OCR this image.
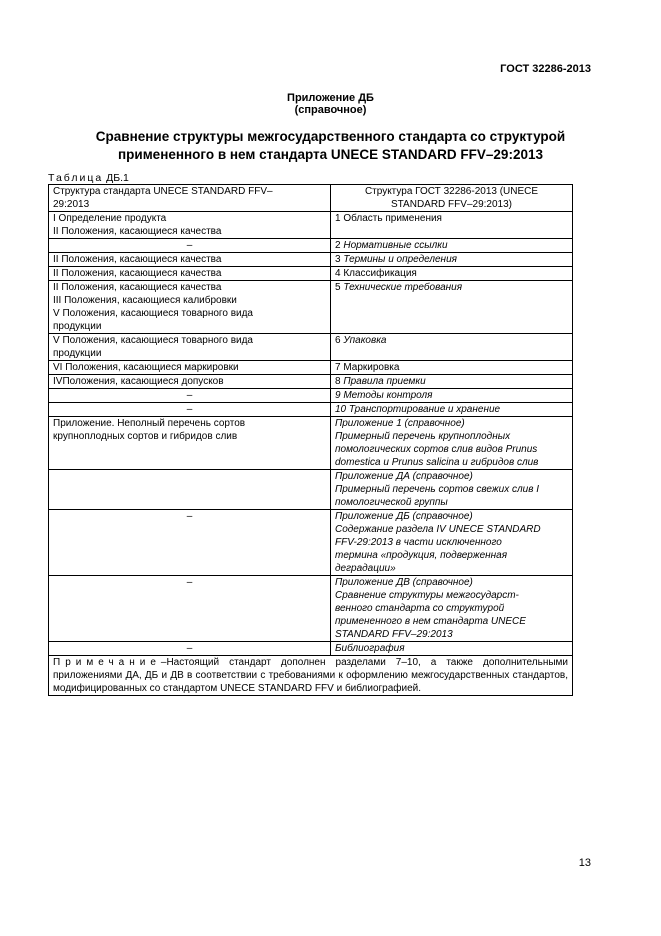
ГОСТ 32286-2013
Приложение ДБ
(справочное)
Сравнение структуры межгосударственного стандарта со структурой
примененного в нем стандарта UNECE STANDARD FFV–29:2013
Таблица ДБ.1
Структура стандарта UNECE STANDARD FFV–
29:2013	Структура ГОСТ 32286-2013 (UNECE
STANDARD FFV–29:2013)

I Определение продукта
II Положения, касающиеся качества	1 Область применения

–	2 Нормативные ссылки

II Положения, касающиеся качества	3 Термины и определения

II Положения, касающиеся качества	4 Классификация

II Положения, касающиеся качества
III Положения, касающиеся калибровки
V Положения, касающиеся товарного вида
продукции	5 Технические требования

V Положения, касающиеся товарного вида
продукции	6 Упаковка

VI Положения, касающиеся маркировки	7 Маркировка

IVПоложения, касающиеся допусков	8 Правила приемки

–	9 Методы контроля

–	10 Транспортирование и хранение

Приложение. Неполный перечень сортов
крупноплодных сортов и гибридов слив	Приложение 1 (справочное)
Примерный перечень крупноплодных
помологических сортов слив видов Prunus
domestica и Prunus salicina и гибридов слив

	Приложение ДА (справочное)
Примерный перечень сортов свежих слив I
помологической группы

–	Приложение ДБ (справочное)
Содержание раздела IV UNECE STANDARD
FFV-29:2013 в части исключенного
термина «продукция, подверженная
деградации»

–	Приложение ДВ (справочное)
Сравнение структуры межгосударст-
венного стандарта со структурой
примененного в нем стандарта UNECE
STANDARD FFV–29:2013

–	Библиография

Примечание–Настоящий стандарт дополнен разделами 7–10, а также дополнительными приложениями ДА, ДБ и ДВ в соответствии с требованиями к оформлению межгосударственных стандартов, модифицированных со стандартом UNECE STANDARD FFV и библиографией.	
13
